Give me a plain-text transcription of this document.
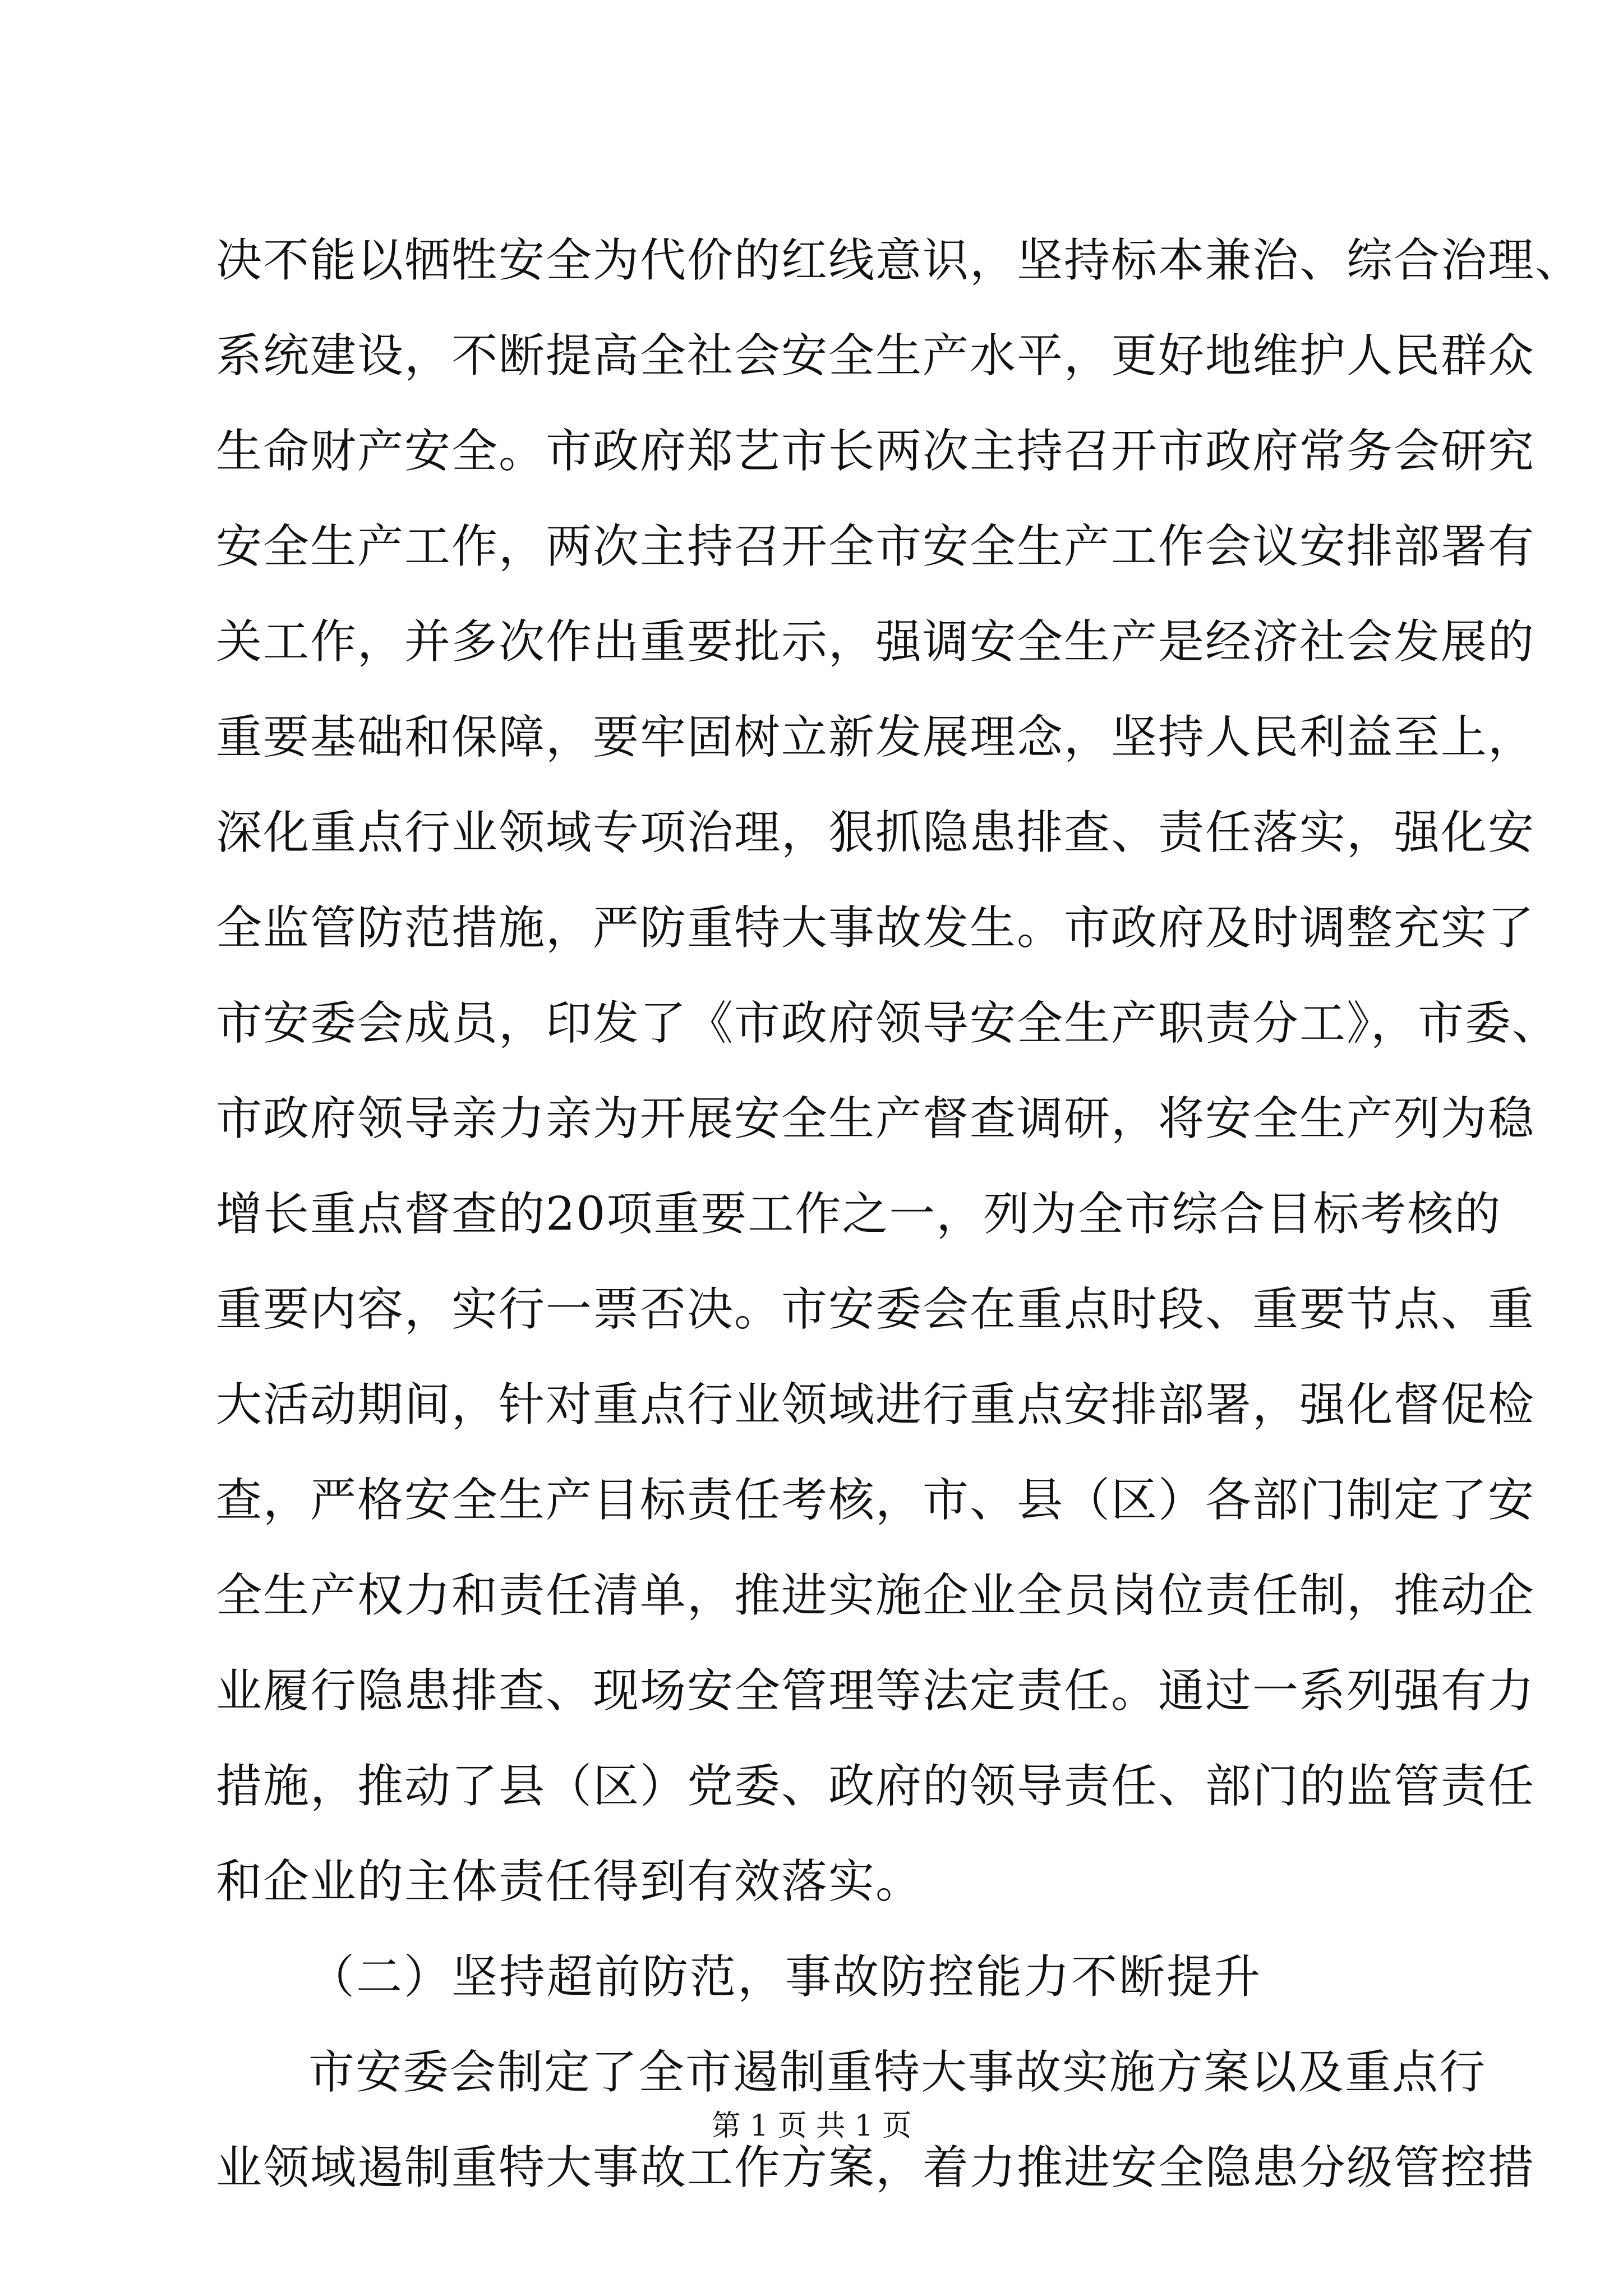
决不能以牺牲安全为代价的红线意识，坚持标本兼治、综合治理、
系统建设，不断提高全社会安全生产水平，更好地维护人民群众
生命财产安全。市政府郑艺市长两次主持召开市政府常务会研究
安全生产工作，两次主持召开全市安全生产工作会议安排部署有
关工作，并多次作出重要批示，强调安全生产是经济社会发展的
重要基础和保障，要牢固树立新发展理念，坚持人民利益至上，
深化重点行业领域专项治理，狠抓隐患排查、责任落实，强化安
全监管防范措施，严防重特大事故发生。市政府及时调整充实了
市安委会成员，印发了《市政府领导安全生产职责分工》，市委、
市政府领导亲力亲为开展安全生产督查调研，将安全生产列为稳
增长重点督查的20项重要工作之一，列为全市综合目标考核的
重要内容，实行一票否决。市安委会在重点时段、重要节点、重
大活动期间，针对重点行业领域进行重点安排部署，强化督促检
查，严格安全生产目标责任考核，市、县（区）各部门制定了安
全生产权力和责任清单，推进实施企业全员岗位责任制，推动企
业履行隐患排查、现场安全管理等法定责任。通过一系列强有力
措施，推动了县（区）党委、政府的领导责任、部门的监管责任
和企业的主体责任得到有效落实。
（二）坚持超前防范，事故防控能力不断提升
市安委会制定了全市遏制重特大事故实施方案以及重点行
业领域遏制重特大事故工作方案，着力推进安全隐患分级管控措
第 1 页 共 1 页
